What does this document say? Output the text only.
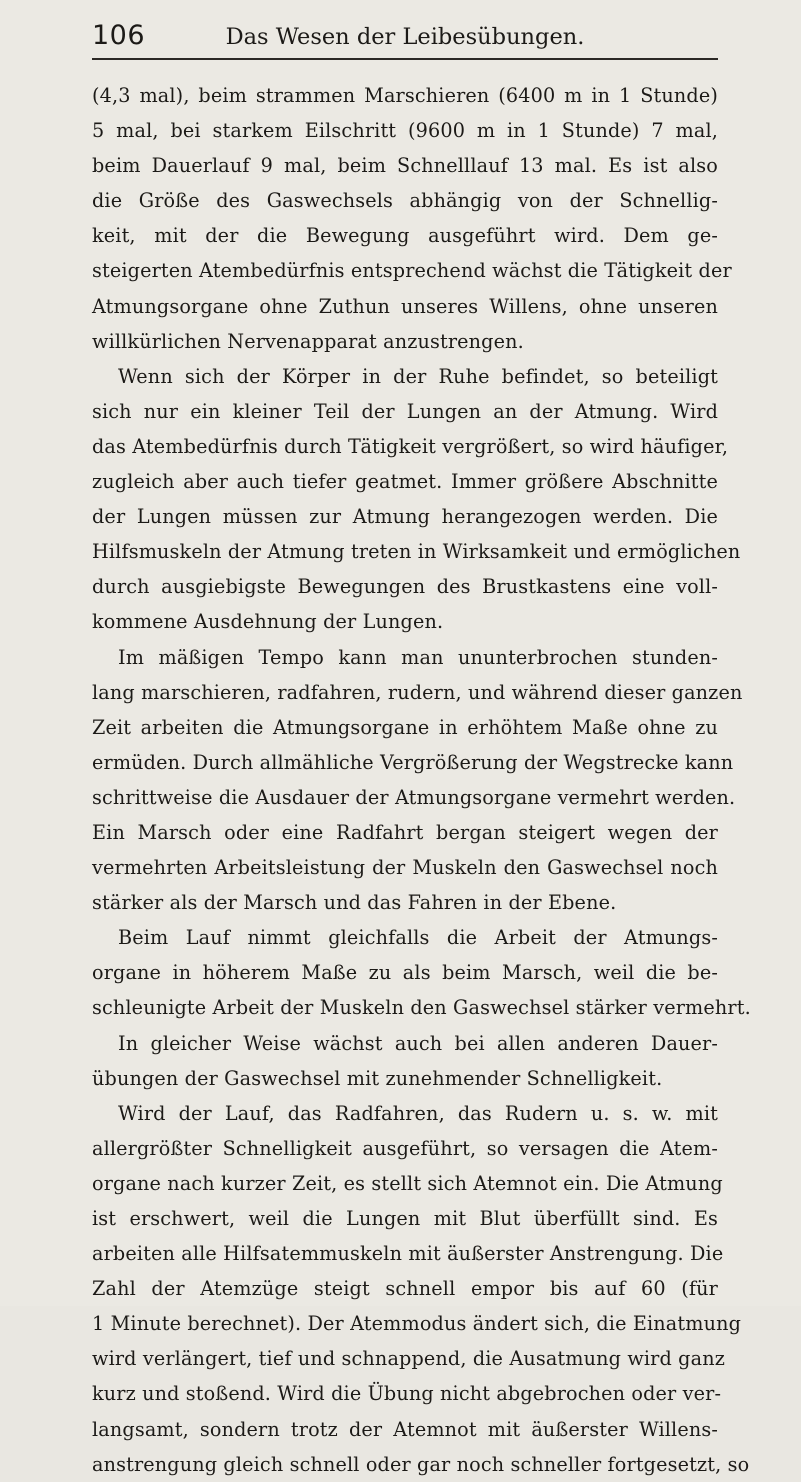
106	Das Wesen der Leibesübungen.
(4,3 mal), beim strammen Marschieren (6400 m in 1 Stunde)
5 mal, bei starkem Eilschritt (9600 m in 1 Stunde) 7 mal,
beim Dauerlauf 9 mal, beim Schnelllauf 13 mal. Es ist also
die Größe des Gaswechsels abhängig von der Schnellig-
keit, mit der die Bewegung ausgeführt wird. Dem ge-
steigerten Atembedürfnis entsprechend wächst die Tätigkeit der
Atmungsorgane ohne Zuthun unseres Willens, ohne unseren
willkürlichen Nervenapparat anzustrengen.
Wenn sich der Körper in der Ruhe befindet, so beteiligt
sich nur ein kleiner Teil der Lungen an der Atmung. Wird
das Atembedürfnis durch Tätigkeit vergrößert, so wird häufiger,
zugleich aber auch tiefer geatmet. Immer größere Abschnitte
der Lungen müssen zur Atmung herangezogen werden. Die
Hilfsmuskeln der Atmung treten in Wirksamkeit und ermöglichen
durch ausgiebigste Bewegungen des Brustkastens eine voll-
kommene Ausdehnung der Lungen.
Im mäßigen Tempo kann man ununterbrochen stunden-
lang marschieren, radfahren, rudern, und während dieser ganzen
Zeit arbeiten die Atmungsorgane in erhöhtem Maße ohne zu
ermüden. Durch allmähliche Vergrößerung der Wegstrecke kann
schrittweise die Ausdauer der Atmungsorgane vermehrt werden.
Ein Marsch oder eine Radfahrt bergan steigert wegen der
vermehrten Arbeitsleistung der Muskeln den Gaswechsel noch
stärker als der Marsch und das Fahren in der Ebene.
Beim Lauf nimmt gleichfalls die Arbeit der Atmungs-
organe in höherem Maße zu als beim Marsch, weil die be-
schleunigte Arbeit der Muskeln den Gaswechsel stärker vermehrt.
In gleicher Weise wächst auch bei allen anderen Dauer-
übungen der Gaswechsel mit zunehmender Schnelligkeit.
Wird der Lauf, das Radfahren, das Rudern u. s. w. mit
allergrößter Schnelligkeit ausgeführt, so versagen die Atem-
organe nach kurzer Zeit, es stellt sich Atemnot ein. Die Atmung
ist erschwert, weil die Lungen mit Blut überfüllt sind. Es
arbeiten alle Hilfsatemmuskeln mit äußerster Anstrengung. Die
Zahl der Atemzüge steigt schnell empor bis auf 60 (für
1 Minute berechnet). Der Atemmodus ändert sich, die Einatmung
wird verlängert, tief und schnappend, die Ausatmung wird ganz
kurz und stoßend. Wird die Übung nicht abgebrochen oder ver-
langsamt, sondern trotz der Atemnot mit äußerster Willens-
anstrengung gleich schnell oder gar noch schneller fortgesetzt, so
